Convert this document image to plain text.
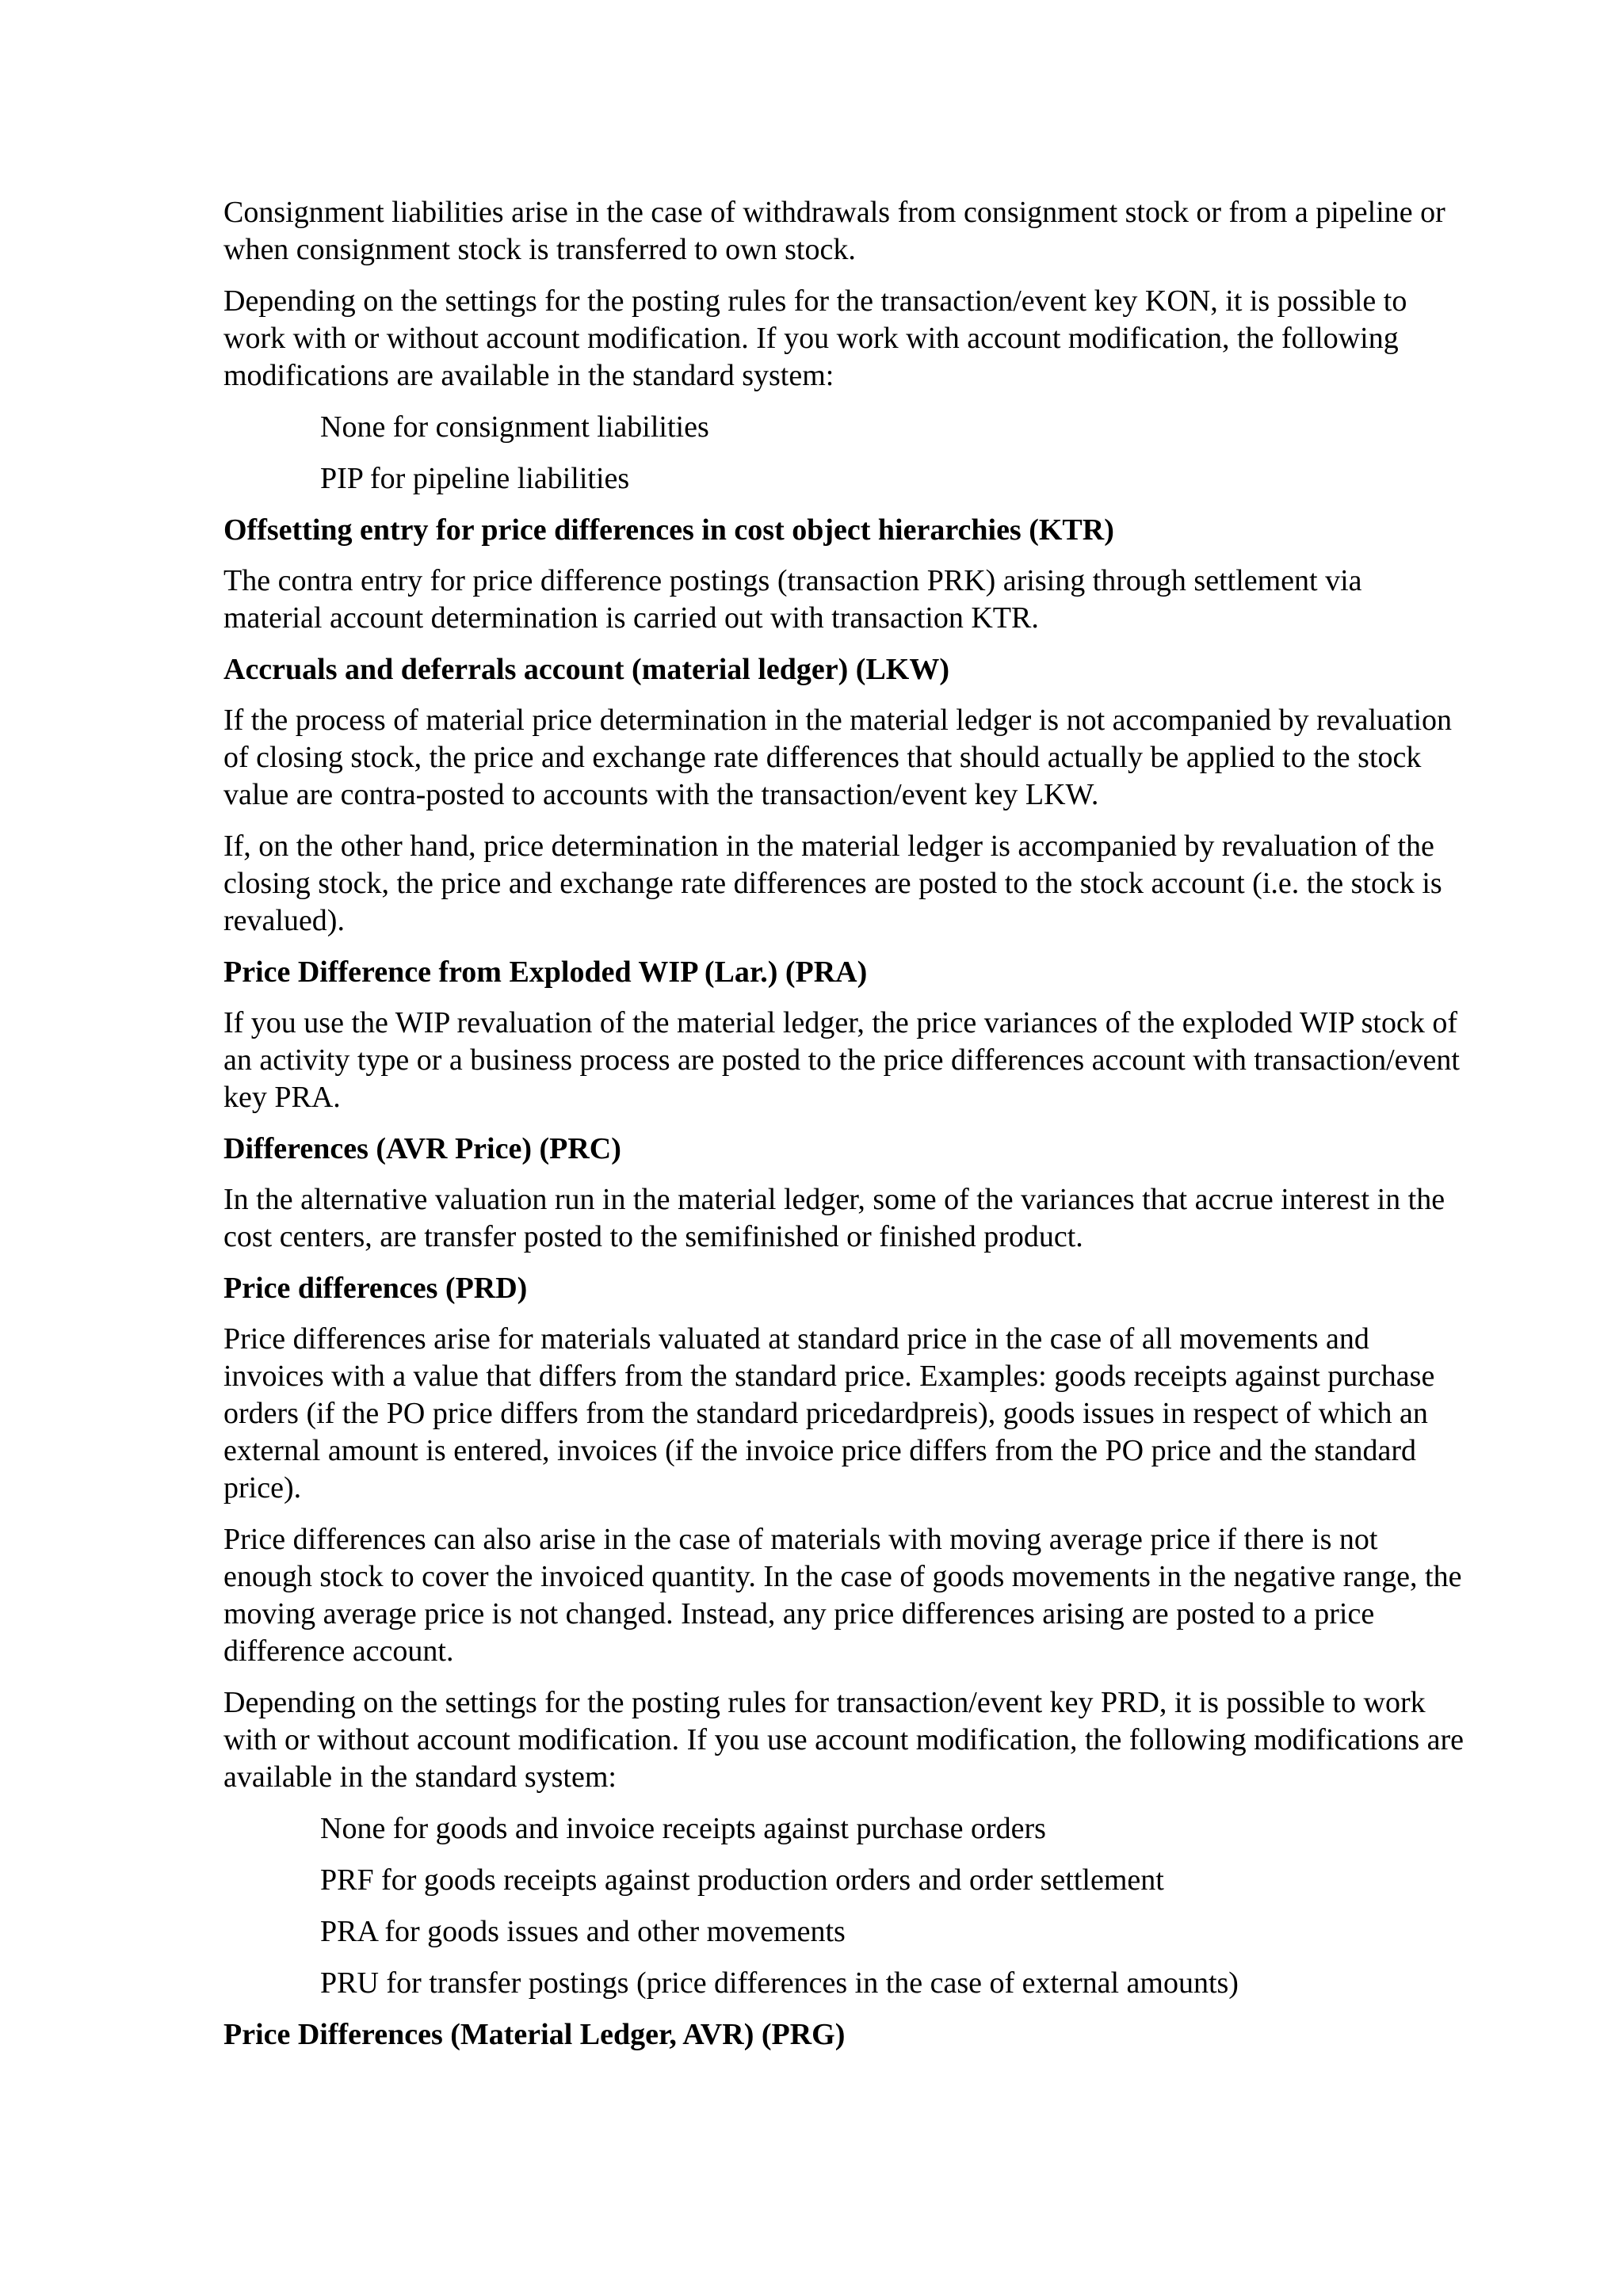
Consignment liabilities arise in the case of withdrawals from consignment stock or from a pipeline or when consignment stock is transferred to own stock.

Depending on the settings for the posting rules for the transaction/event key KON, it is possible to work with or without account modification. If you work with account modification, the following modifications are available in the standard system:

None for consignment liabilities

PIP for pipeline liabilities

Offsetting entry for price differences in cost object hierarchies (KTR)

The contra entry for price difference postings (transaction PRK) arising through settlement via material account determination is carried out with transaction KTR.

Accruals and deferrals account (material ledger) (LKW)

If the process of material price determination in the material ledger is not accompanied by revaluation of closing stock, the price and exchange rate differences that should actually be applied to the stock value are contra-posted to accounts with the transaction/event key LKW.

If, on the other hand, price determination in the material ledger is accompanied by revaluation of the closing stock, the price and exchange rate differences are posted to the stock account (i.e. the stock is revalued).

Price Difference from Exploded WIP (Lar.) (PRA)

If you use the WIP revaluation of the material ledger, the price variances of the exploded WIP stock of an activity type or a business process are posted to the price differences account with transaction/event key PRA.

Differences (AVR Price) (PRC)

In the alternative valuation run in the material ledger, some of the variances that accrue interest in the cost centers, are transfer posted to the semifinished or finished product.

Price differences (PRD)

Price differences arise for materials valuated at standard price in the case of all movements and invoices with a value that differs from the standard price. Examples: goods receipts against purchase orders (if the PO price differs from the standard pricedardpreis), goods issues in respect of which an external amount is entered, invoices (if the invoice price differs from the PO price and the standard price).

Price differences can also arise in the case of materials with moving average price if there is not enough stock to cover the invoiced quantity. In the case of goods movements in the negative range, the moving average price is not changed. Instead, any price differences arising are posted to a price difference account.

Depending on the settings for the posting rules for transaction/event key PRD, it is possible to work with or without account modification. If you use account modification, the following modifications are available in the standard system:

None for goods and invoice receipts against purchase orders

PRF for goods receipts against production orders and order settlement

PRA for goods issues and other movements

PRU for transfer postings (price differences in the case of external amounts)

Price Differences (Material Ledger, AVR) (PRG)
